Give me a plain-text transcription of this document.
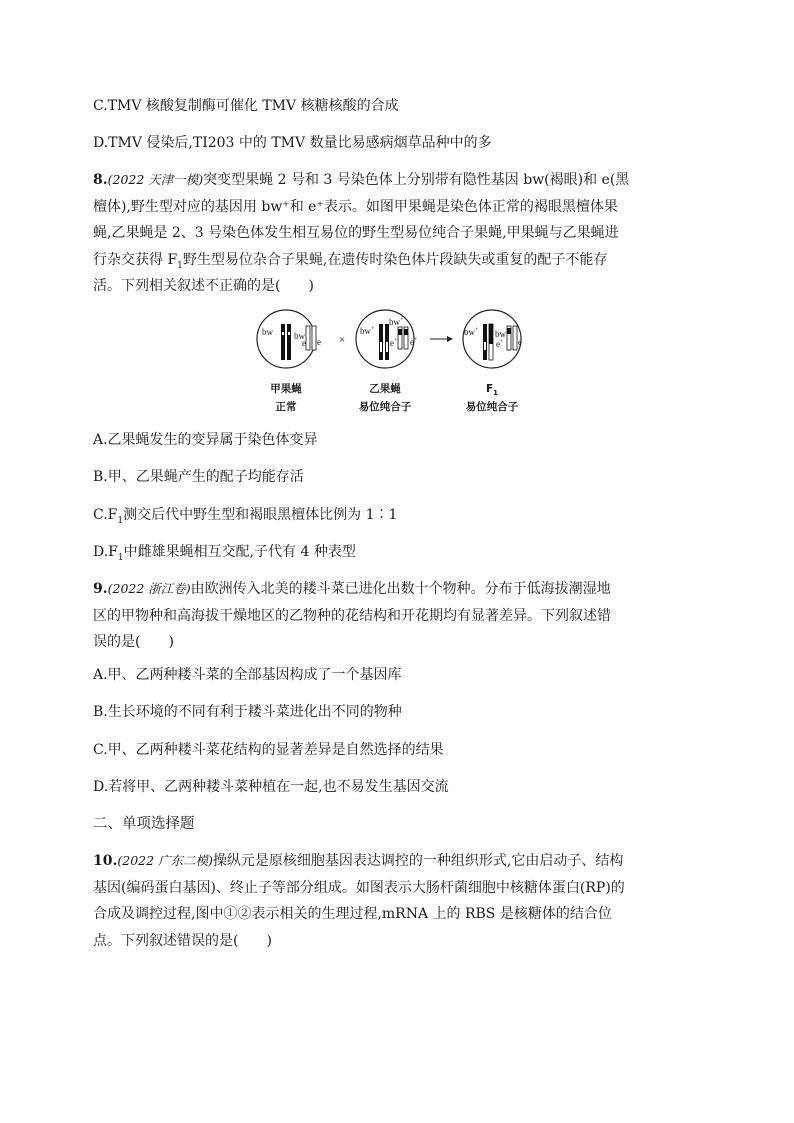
C.TMV 核酸复制酶可催化 TMV 核糖核酸的合成

D.TMV 侵染后,TI203 中的 TMV 数量比易感病烟草品种中的多

8.(2022 天津一模)突变型果蝇 2 号和 3 号染色体上分别带有隐性基因 bw(褐眼)和 e(黑
檀体),野生型对应的基因用 bw⁺和 e⁺表示。如图甲果蝇是染色体正常的褐眼黑檀体果
蝇,乙果蝇是 2、3 号染色体发生相互易位的野生型易位纯合子果蝇,甲果蝇与乙果蝇进
行杂交获得 $F_1$野生型易位杂合子果蝇,在遗传时染色体片段缺失或重复的配子不能存
活。下列相关叙述不正确的是(　　)

bw bw
e e ×
bw+
bw+
e+ e+
bw+ bw
e+ e
甲果蝇
正常
乙果蝇
易位纯合子
$F_1$
易位纯合子

A.乙果蝇发生的变异属于染色体变异

B.甲、乙果蝇产生的配子均能存活

$C.F_1$测交后代中野生型和褐眼黑檀体比例为 1∶1

$D.F_1$中雌雄果蝇相互交配,子代有 4 种表型

9.(2022 浙江卷)由欧洲传入北美的耧斗菜已进化出数十个物种。分布于低海拔潮湿地
区的甲物种和高海拔干燥地区的乙物种的花结构和开花期均有显著差异。下列叙述错
误的是(　　)

A.甲、乙两种耧斗菜的全部基因构成了一个基因库

B.生长环境的不同有利于耧斗菜进化出不同的物种

C.甲、乙两种耧斗菜花结构的显著差异是自然选择的结果

D.若将甲、乙两种耧斗菜种植在一起,也不易发生基因交流

二、单项选择题

10.(2022 广东二模)操纵元是原核细胞基因表达调控的一种组织形式,它由启动子、结构
基因(编码蛋白基因)、终止子等部分组成。如图表示大肠杆菌细胞中核糖体蛋白(RP)的
合成及调控过程,图中①②表示相关的生理过程,mRNA 上的 RBS 是核糖体的结合位
点。下列叙述错误的是(　　)
